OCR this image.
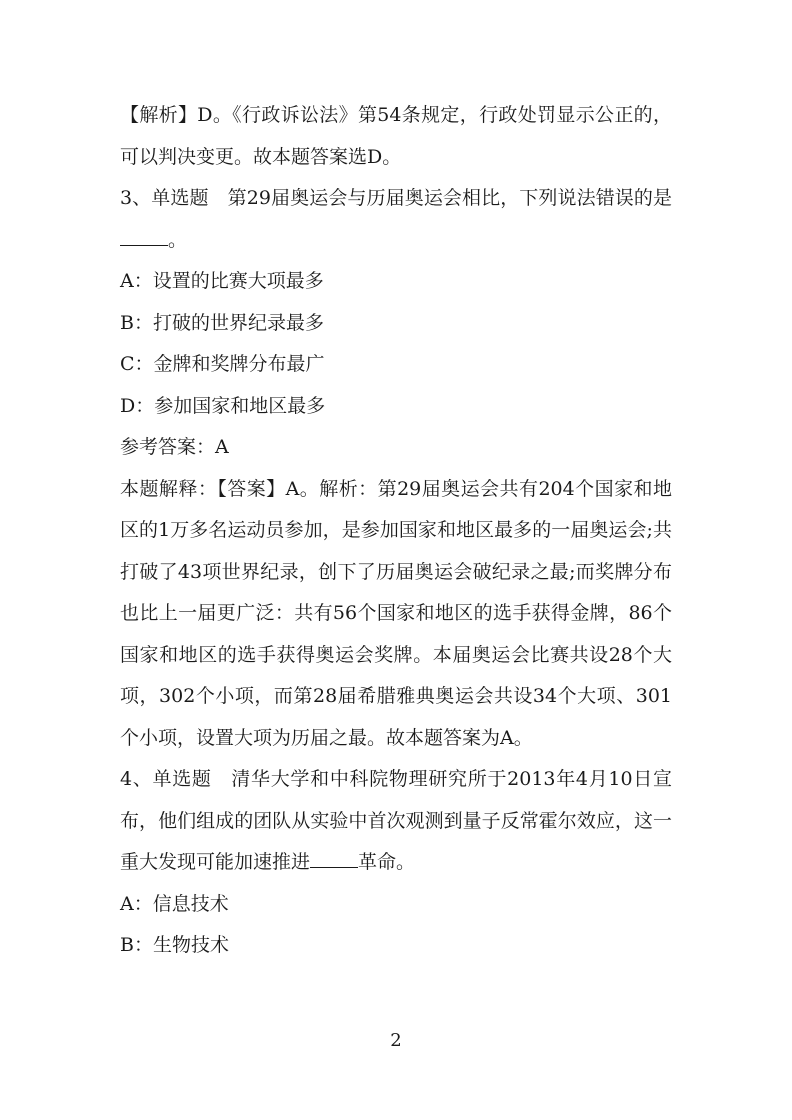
【解析】D。《行政诉讼法》第54条规定，行政处罚显示公正的，可以判决变更。故本题答案选D。

3、单选题　第29届奥运会与历届奥运会相比，下列说法错误的是。

A：设置的比赛大项最多

B：打破的世界纪录最多

C：金牌和奖牌分布最广

D：参加国家和地区最多

参考答案：A

本题解释：【答案】A。解析：第29届奥运会共有204个国家和地区的1万多名运动员参加，是参加国家和地区最多的一届奥运会;共打破了43项世界纪录，创下了历届奥运会破纪录之最;而奖牌分布也比上一届更广泛：共有56个国家和地区的选手获得金牌，86个国家和地区的选手获得奥运会奖牌。本届奥运会比赛共设28个大项，302个小项，而第28届希腊雅典奥运会共设34个大项、301个小项，设置大项为历届之最。故本题答案为A。

4、单选题　清华大学和中科院物理研究所于2013年4月10日宣布，他们组成的团队从实验中首次观测到量子反常霍尔效应，这一重大发现可能加速推进	革命。

A：信息技术

B：生物技术

2
